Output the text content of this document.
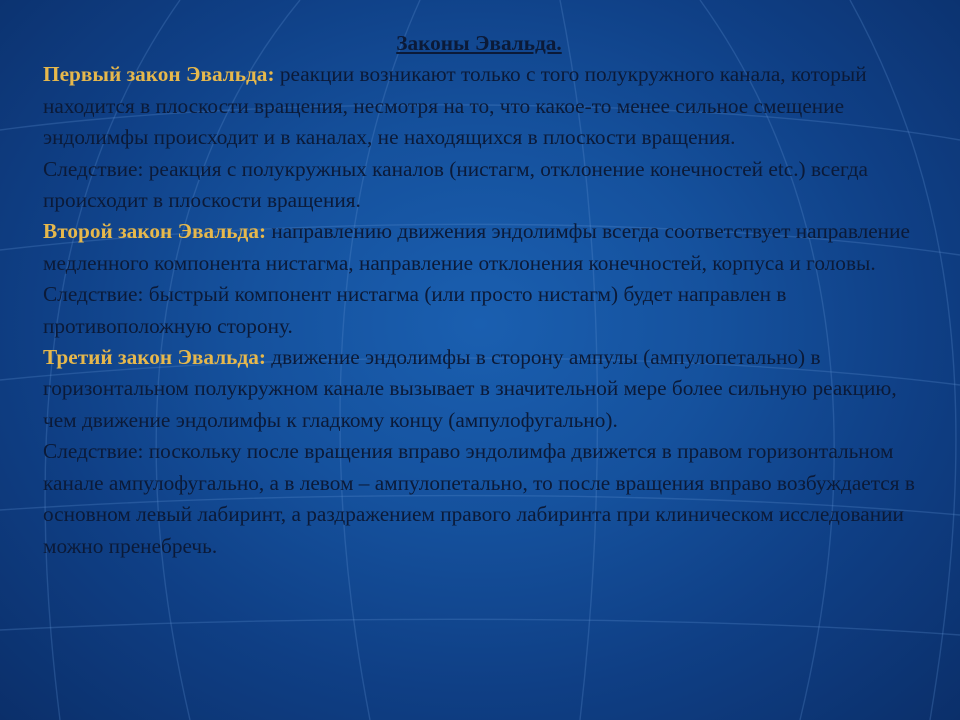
Законы Эвальда.

Первый закон Эвальда: реакции возникают только с того полукружного канала, который находится в плоскости вращения, несмотря на то, что какое-то менее сильное смещение эндолимфы происходит и в каналах, не находящихся в плоскости вращения.

Следствие: реакция с полукружных каналов (нистагм, отклонение конечностей etc.) всегда происходит в плоскости вращения.

Второй закон Эвальда: направлению движения эндолимфы всегда соответствует направление медленного компонента нистагма, направление отклонения конечностей, корпуса и головы.

Следствие: быстрый компонент нистагма (или просто нистагм) будет направлен в противоположную сторону.

Третий закон Эвальда: движение эндолимфы в сторону ампулы (ампулопетально) в горизонтальном полукружном канале вызывает в значительной мере более сильную реакцию, чем движение эндолимфы к гладкому концу (ампулофугально).

Следствие: поскольку после вращения вправо эндолимфа движется в правом горизонтальном канале ампулофугально, а в левом – ампулопетально, то после вращения вправо возбуждается в основном левый лабиринт, а раздражением правого лабиринта при клиническом исследовании можно пренебречь.
